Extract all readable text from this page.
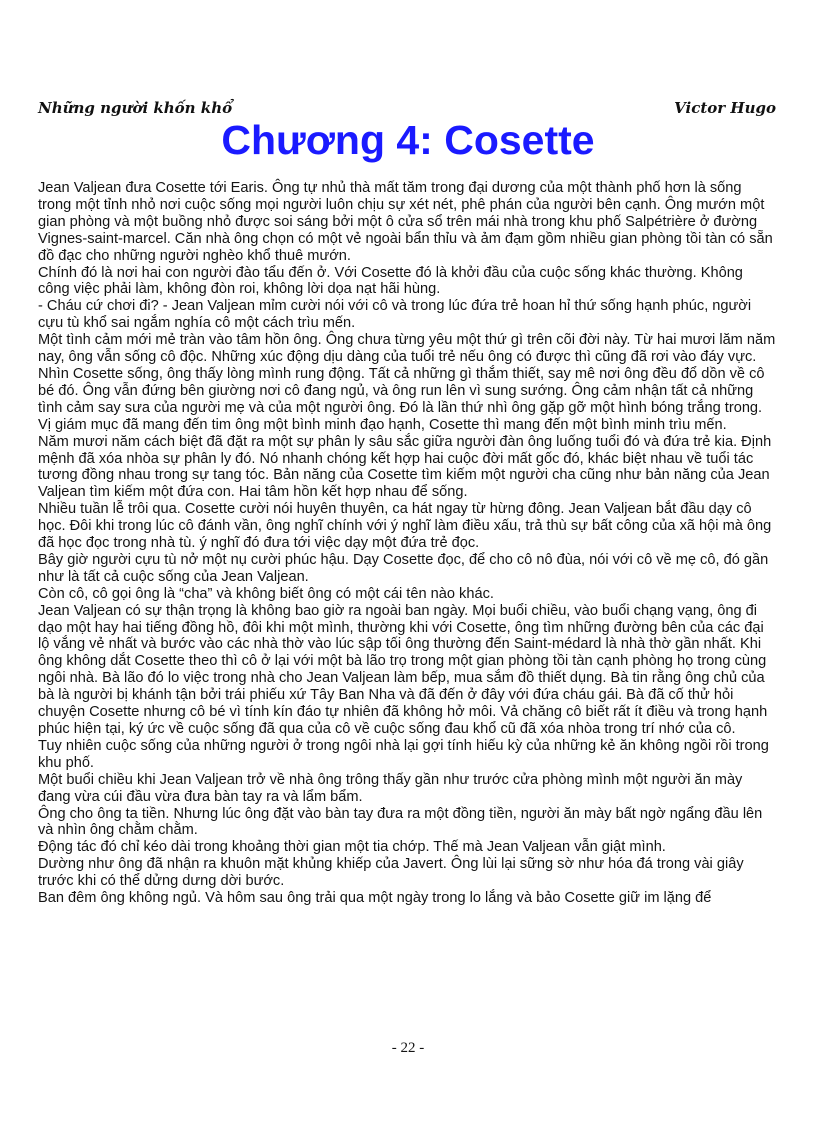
Những người khốn khổ	Victor Hugo
Chương 4: Cosette

Jean Valjean đưa Cosette tới Earis. Ông tự nhủ thà mất tăm trong đại dương của một thành phố hơn là sống trong một tỉnh nhỏ nơi cuộc sống mọi người luôn chịu sự xét nét, phê phán của người bên cạnh. Ông mướn một gian phòng và một buồng nhỏ được soi sáng bởi một ô cửa sổ trên mái nhà trong khu phố Salpétrière ở đường Vignes-saint-marcel. Căn nhà ông chọn có một vẻ ngoài bẩn thỉu và ảm đạm gồm nhiều gian phòng tồi tàn có sẵn đồ đạc cho những người nghèo khổ thuê mướn.

Chính đó là nơi hai con người đào tẩu đến ở. Với Cosette đó là khởi đầu của cuộc sống khác thường. Không công việc phải làm, không đòn roi, không lời dọa nạt hãi hùng.

- Cháu cứ chơi đi? - Jean Valjean mỉm cười nói với cô và trong lúc đứa trẻ hoan hỉ thứ sống hạnh phúc, người cựu tù khổ sai ngắm nghía cô một cách trìu mến.

Một tình cảm mới mẻ tràn vào tâm hồn ông. Ông chưa từng yêu một thứ gì trên cõi đời này. Từ hai mươi lăm năm nay, ông vẫn sống cô độc. Những xúc động dịu dàng của tuổi trẻ nếu ông có được thì cũng đã rơi vào đáy vực.

Nhìn Cosette sống, ông thấy lòng mình rung động. Tất cả những gì thắm thiết, say mê nơi ông đều đổ dồn về cô bé đó. Ông vẫn đứng bên giường nơi cô đang ngủ, và ông run lên vì sung sướng. Ông cảm nhận tất cả những tình cảm say sưa của người mẹ và của một người ông. Đó là lần thứ nhì ông gặp gỡ một hình bóng trắng trong. Vị giám mục đã mang đến tim ông một bình minh đạo hạnh, Cosette thì mang đến một bình minh trìu mến.

Năm mươi năm cách biệt đã đặt ra một sự phân ly sâu sắc giữa người đàn ông luống tuổi đó và đứa trẻ kia. Định mệnh đã xóa nhòa sự phân ly đó. Nó nhanh chóng kết hợp hai cuộc đời mất gốc đó, khác biệt nhau về tuổi tác tương đồng nhau trong sự tang tóc. Bản năng của Cosette tìm kiếm một người cha cũng như bản năng của Jean Valjean tìm kiếm một đứa con. Hai tâm hồn kết hợp nhau để sống.

Nhiều tuần lễ trôi qua. Cosette cười nói huyên thuyên, ca hát ngay từ hừng đông. Jean Valjean bắt đầu dạy cô học. Đôi khi trong lúc cô đánh vần, ông nghĩ chính với ý nghĩ làm điều xấu, trả thù sự bất công của xã hội mà ông đã học đọc trong nhà tù. ý nghĩ đó đưa tới việc dạy một đứa trẻ đọc.

Bây giờ người cựu tù nở một nụ cười phúc hậu. Dạy Cosette đọc, để cho cô nô đùa, nói với cô về mẹ cô, đó gần như là tất cả cuộc sống của Jean Valjean.

Còn cô, cô gọi ông là “cha” và không biết ông có một cái tên nào khác.

Jean Valjean có sự thận trọng là không bao giờ ra ngoài ban ngày. Mọi buổi chiều, vào buổi chạng vạng, ông đi dạo một hay hai tiếng đồng hồ, đôi khi một mình, thường khi với Cosette, ông tìm những đường bên của các đại lộ vắng vẻ nhất và bước vào các nhà thờ vào lúc sập tối ông thường đến Saint-médard là nhà thờ gần nhất. Khi ông không dắt Cosette theo thì cô ở lại với một bà lão trọ trong một gian phòng tồi tàn cạnh phòng họ trong cùng ngôi nhà. Bà lão đó lo việc trong nhà cho Jean Valjean làm bếp, mua sắm đồ thiết dụng. Bà tin rằng ông chủ của bà là người bị khánh tận bởi trái phiếu xứ Tây Ban Nha và đã đến ở đây với đứa cháu gái. Bà đã cố thử hỏi chuyện Cosette nhưng cô bé vì tính kín đáo tự nhiên đã không hở môi. Vả chăng cô biết rất ít điều và trong hạnh phúc hiện tại, ký ức về cuộc sống đã qua của cô về cuộc sống đau khổ cũ đã xóa nhòa trong trí nhớ của cô.

Tuy nhiên cuộc sống của những người ở trong ngôi nhà lại gợi tính hiếu kỳ của những kẻ ăn không ngồi rồi trong khu phố.

Một buổi chiều khi Jean Valjean trở về nhà ông trông thấy gần như trước cửa phòng mình một người ăn mày đang vừa cúi đầu vừa đưa bàn tay ra và lẩm bẩm.

Ông cho ông ta tiền. Nhưng lúc ông đặt vào bàn tay đưa ra một đồng tiền, người ăn mày bất ngờ ngẩng đầu lên và nhìn ông chằm chằm.

Động tác đó chỉ kéo dài trong khoảng thời gian một tia chớp. Thế mà Jean Valjean vẫn giật mình.

Dường như ông đã nhận ra khuôn mặt khủng khiếp của Javert. Ông lùi lại sững sờ như hóa đá trong vài giây trước khi có thể dửng dưng dời bước.

Ban đêm ông không ngủ. Và hôm sau ông trải qua một ngày trong lo lắng và bảo Cosette giữ im lặng để

- 22 -
